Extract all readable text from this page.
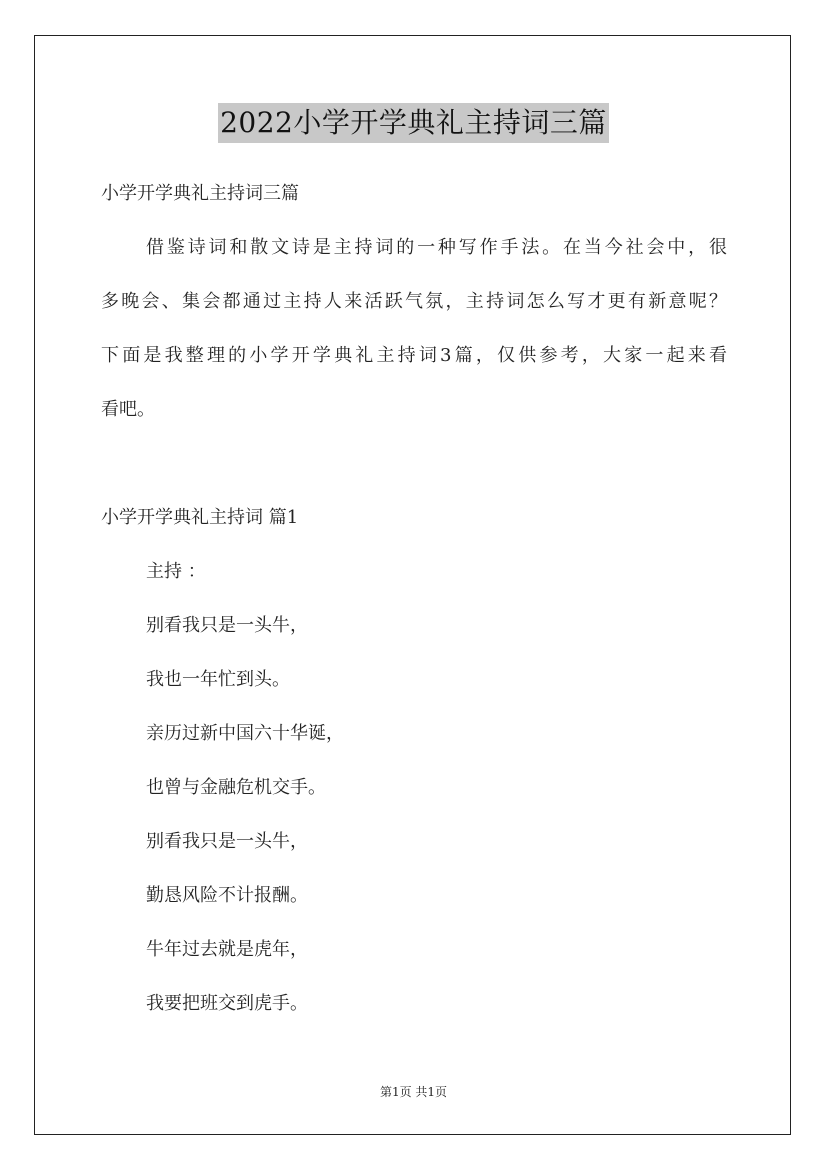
2022小学开学典礼主持词三篇
小学开学典礼主持词三篇
借鉴诗词和散文诗是主持词的一种写作手法。在当今社会中，很
多晚会、集会都通过主持人来活跃气氛，主持词怎么写才更有新意呢？
下面是我整理的小学开学典礼主持词3篇，仅供参考，大家一起来看
看吧。
小学开学典礼主持词 篇1
主持 ：
别看我只是一头牛，
我也一年忙到头。
亲历过新中国六十华诞，
也曾与金融危机交手。
别看我只是一头牛，
勤恳风险不计报酬。
牛年过去就是虎年，
我要把班交到虎手。
第1页 共1页
